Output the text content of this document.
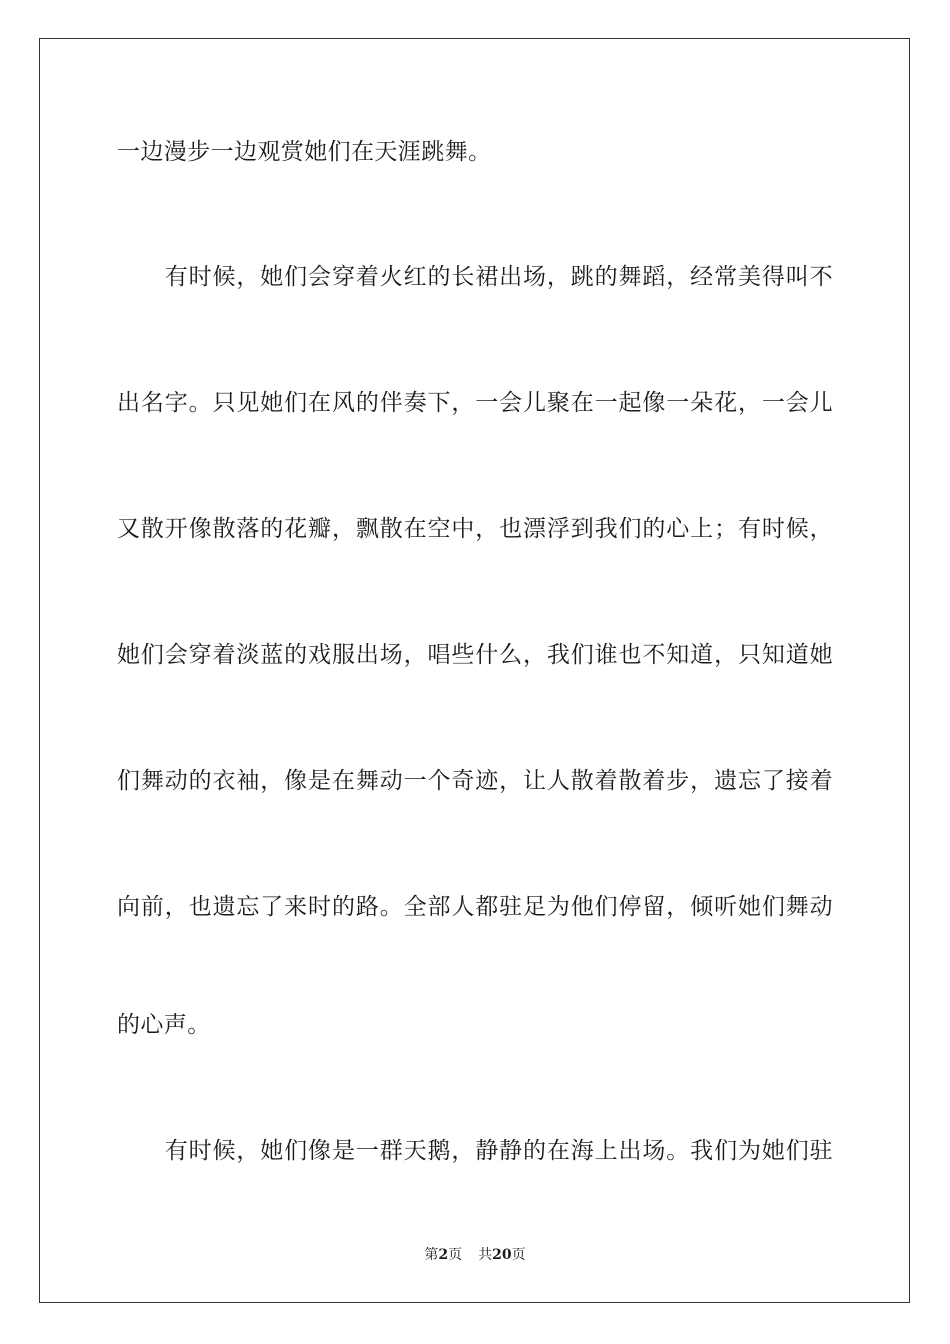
一边漫步一边观赏她们在天涯跳舞。
　　有时候，她们会穿着火红的长裙出场，跳的舞蹈，经常美得叫不
出名字。只见她们在风的伴奏下，一会儿聚在一起像一朵花，一会儿
又散开像散落的花瓣，飘散在空中，也漂浮到我们的心上；有时候，
她们会穿着淡蓝的戏服出场，唱些什么，我们谁也不知道，只知道她
们舞动的衣袖，像是在舞动一个奇迹，让人散着散着步，遗忘了接着
向前，也遗忘了来时的路。全部人都驻足为他们停留，倾听她们舞动
的心声。
　　有时候，她们像是一群天鹅，静静的在海上出场。我们为她们驻
第2页 共20页
